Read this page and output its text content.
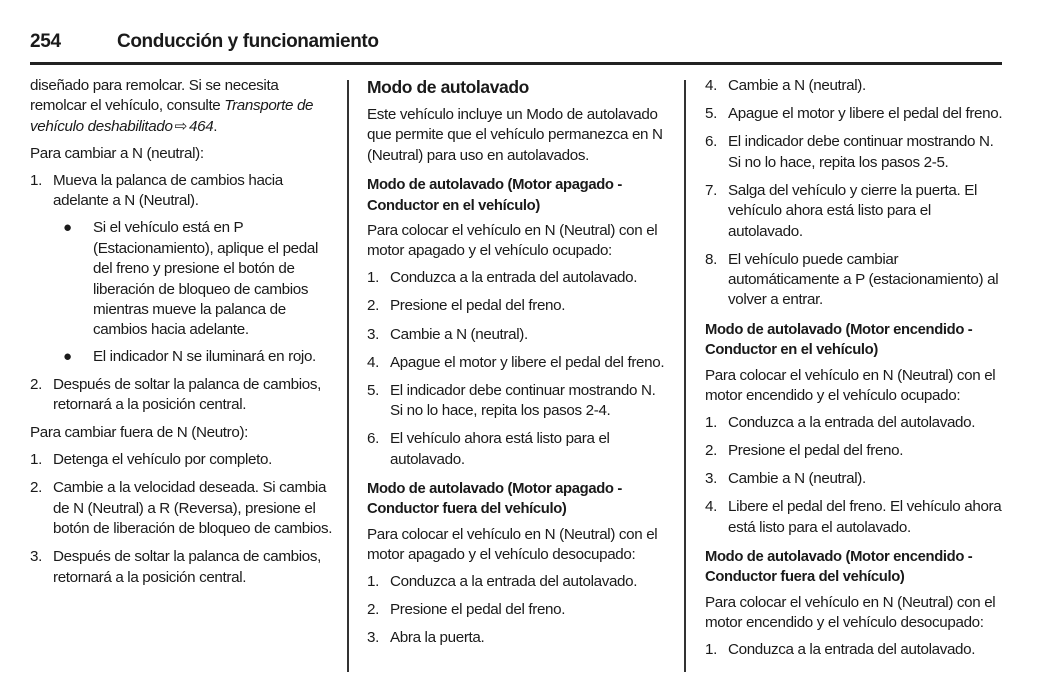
254	Conducción y funcionamiento

diseñado para remolcar. Si se necesita remolcar el vehículo, consulte Transporte de vehículo deshabilitado ⇨ 464.

Para cambiar a N (neutral):

1. Mueva la palanca de cambios hacia adelante a N (Neutral).
● Si el vehículo está en P (Estacionamiento), aplique el pedal del freno y presione el botón de liberación de bloqueo de cambios mientras mueve la palanca de cambios hacia adelante.
● El indicador N se iluminará en rojo.
2. Después de soltar la palanca de cambios, retornará a la posición central.

Para cambiar fuera de N (Neutro):

1. Detenga el vehículo por completo.
2. Cambie a la velocidad deseada. Si cambia de N (Neutral) a R (Reversa), presione el botón de liberación de bloqueo de cambios.
3. Después de soltar la palanca de cambios, retornará a la posición central.
Modo de autolavado

Este vehículo incluye un Modo de autolavado que permite que el vehículo permanezca en N (Neutral) para uso en autolavados.

Modo de autolavado (Motor apagado - Conductor en el vehículo)

Para colocar el vehículo en N (Neutral) con el motor apagado y el vehículo ocupado:

1. Conduzca a la entrada del autolavado.
2. Presione el pedal del freno.
3. Cambie a N (neutral).
4. Apague el motor y libere el pedal del freno.
5. El indicador debe continuar mostrando N. Si no lo hace, repita los pasos 2-4.
6. El vehículo ahora está listo para el autolavado.
Modo de autolavado (Motor apagado - Conductor fuera del vehículo)

Para colocar el vehículo en N (Neutral) con el motor apagado y el vehículo desocupado:

1. Conduzca a la entrada del autolavado.
2. Presione el pedal del freno.
3. Abra la puerta.
4. Cambie a N (neutral).
5. Apague el motor y libere el pedal del freno.
6. El indicador debe continuar mostrando N. Si no lo hace, repita los pasos 2-5.
7. Salga del vehículo y cierre la puerta. El vehículo ahora está listo para el autolavado.
8. El vehículo puede cambiar automáticamente a P (estacionamiento) al volver a entrar.
Modo de autolavado (Motor encendido - Conductor en el vehículo)

Para colocar el vehículo en N (Neutral) con el motor encendido y el vehículo ocupado:

1. Conduzca a la entrada del autolavado.
2. Presione el pedal del freno.
3. Cambie a N (neutral).
4. Libere el pedal del freno. El vehículo ahora está listo para el autolavado.
Modo de autolavado (Motor encendido - Conductor fuera del vehículo)

Para colocar el vehículo en N (Neutral) con el motor encendido y el vehículo desocupado:

1. Conduzca a la entrada del autolavado.
